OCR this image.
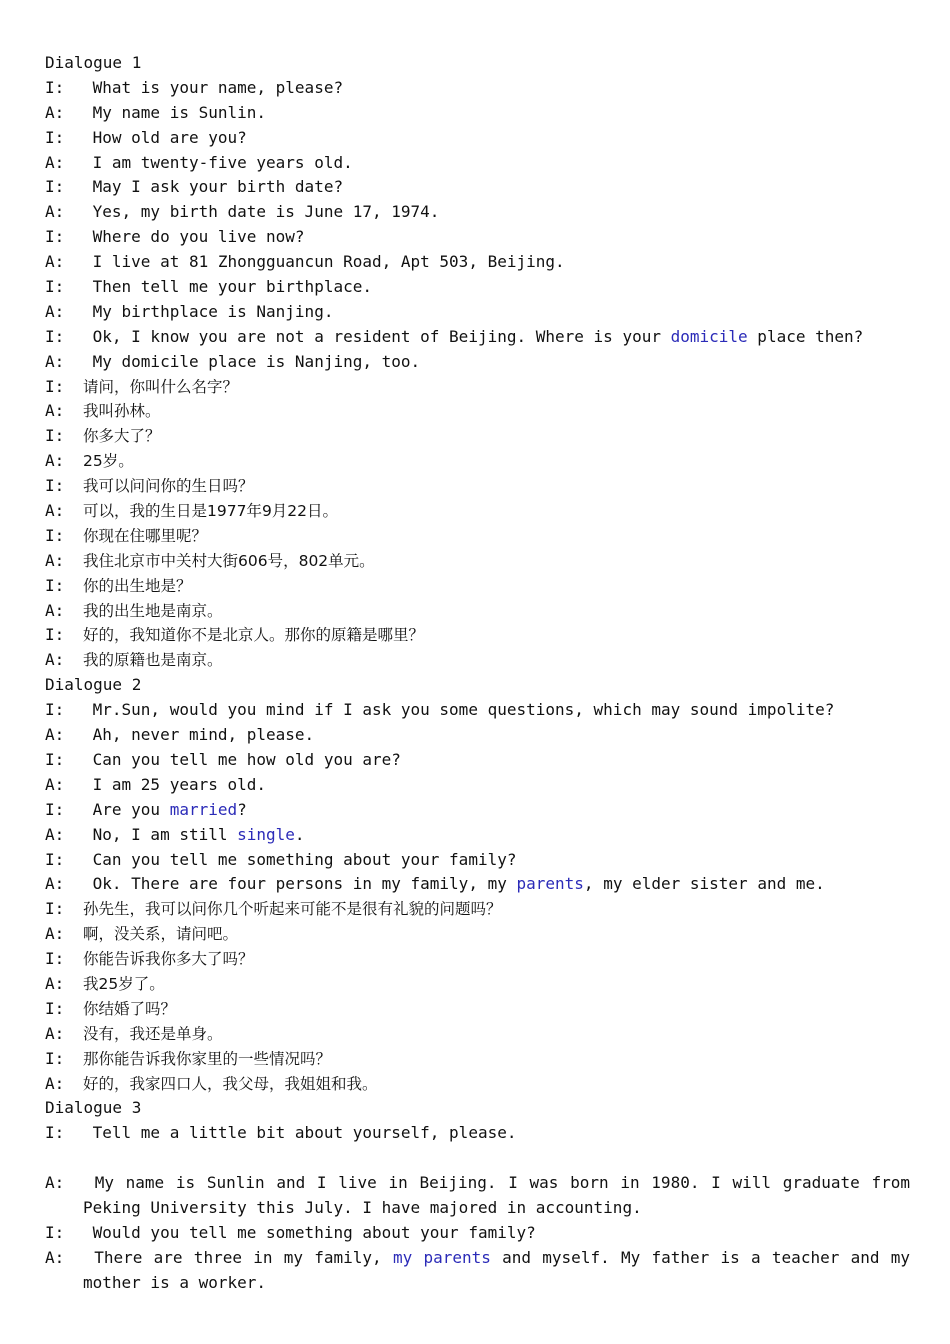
Dialogue 1
I: What is your name, please?
A: My name is Sunlin.
I: How old are you?
A: I am twenty-five years old.
I: May I ask your birth date?
A: Yes, my birth date is June 17, 1974.
I: Where do you live now?
A: I live at 81 Zhongguancun Road, Apt 503, Beijing.
I: Then tell me your birthplace.
A: My birthplace is Nanjing.
I: Ok, I know you are not a resident of Beijing. Where is your domicile place then?
A: My domicile place is Nanjing, too.
I: 请问，你叫什么名字？
A: 我叫孙林。
I: 你多大了？
A: 25岁。
I: 我可以问问你的生日吗？
A: 可以，我的生日是1977年9月22日。
I: 你现在住哪里呢？
A: 我住北京市中关村大街606号，802单元。
I: 你的出生地是？
A: 我的出生地是南京。
I: 好的，我知道你不是北京人。那你的原籍是哪里？
A: 我的原籍也是南京。
Dialogue 2
I: Mr.Sun, would you mind if I ask you some questions, which may sound impolite?
A: Ah, never mind, please.
I: Can you tell me how old you are?
A: I am 25 years old.
I: Are you married?
A: No, I am still single.
I: Can you tell me something about your family?
A: Ok. There are four persons in my family, my parents, my elder sister and me.
I: 孙先生，我可以问你几个听起来可能不是很有礼貌的问题吗？
A: 啊，没关系，请问吧。
I: 你能告诉我你多大了吗？
A: 我25岁了。
I: 你结婚了吗？
A: 没有，我还是单身。
I: 那你能告诉我你家里的一些情况吗？
A: 好的，我家四口人，我父母，我姐姐和我。
Dialogue 3
I: Tell me a little bit about yourself, please.
A: My name is Sunlin and I live in Beijing. I was born in 1980. I will graduate from Peking University this July. I have majored in accounting.
I: Would you tell me something about your family?
A: There are three in my family, my parents and myself. My father is a teacher and my mother is a worker.
